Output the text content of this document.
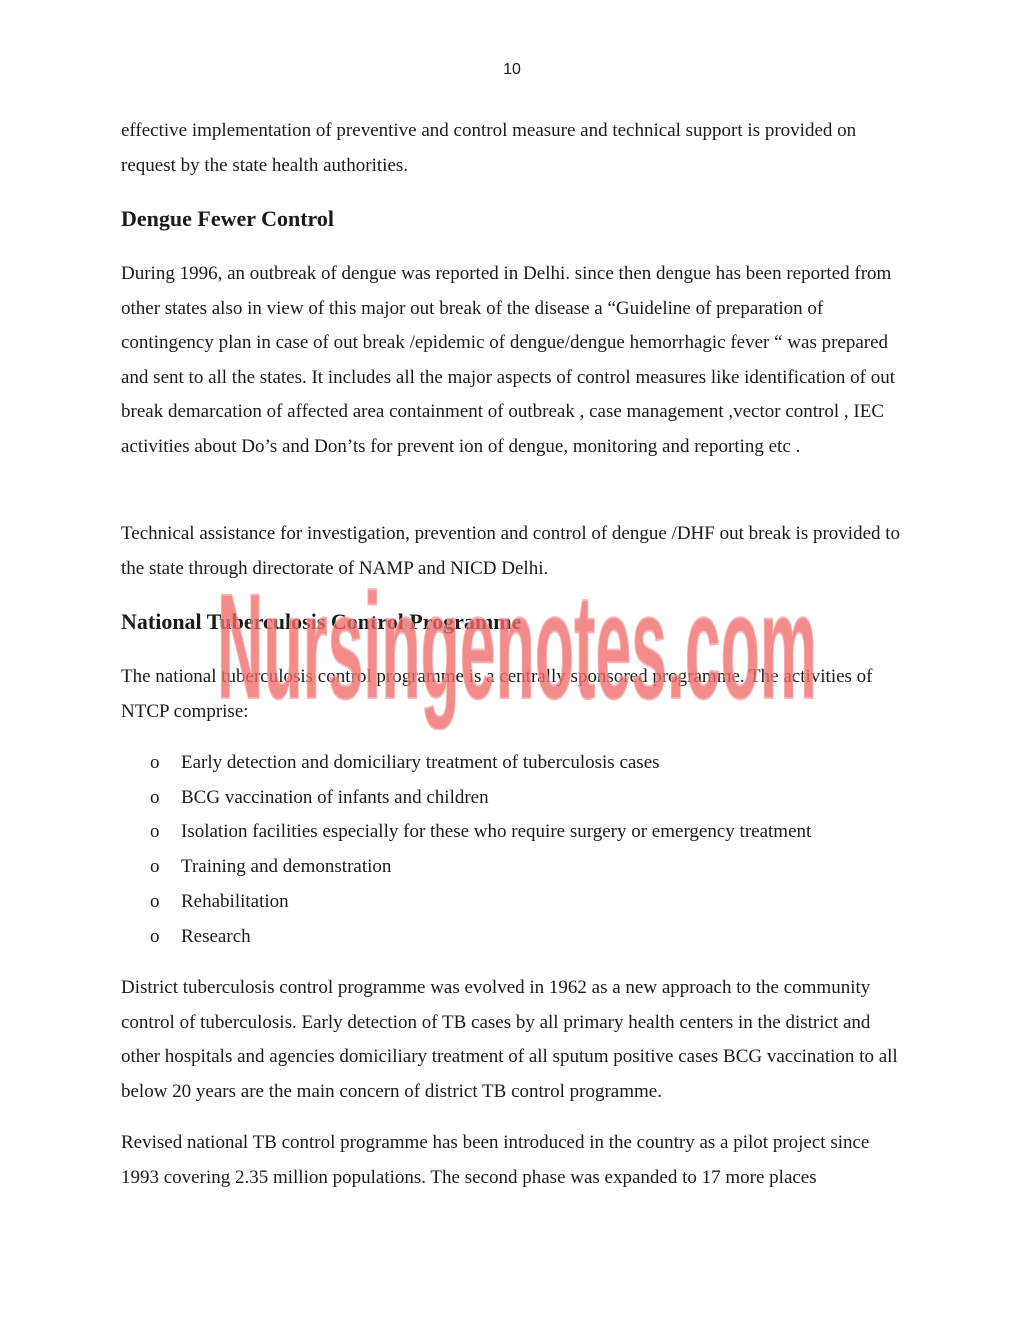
10

effective implementation of preventive and control measure and technical support is provided on request by the state health authorities.

Dengue Fewer Control

During 1996, an outbreak of dengue was reported in Delhi. since then dengue has been reported from other states also in view of this major out break of the disease a “Guideline of preparation of contingency plan in case of out break /epidemic of dengue/dengue hemorrhagic fever “ was prepared and sent to all the states. It includes all the major aspects of control measures like identification of out break demarcation of affected area containment of outbreak , case management ,vector control , IEC activities about Do’s and Don’ts for prevent ion of dengue, monitoring and reporting etc .

Technical assistance for investigation, prevention and control of dengue /DHF out break is provided to the state through directorate of NAMP and NICD Delhi.

National Tuberculosis Control Programme

The national tuberculosis control programme is a centrally sponsored programme. The activities of NTCP comprise:

o Early detection and domiciliary treatment of tuberculosis cases
o BCG vaccination of infants and children
o Isolation facilities especially for these who require surgery or emergency treatment
o Training and demonstration
o Rehabilitation
o Research

District tuberculosis control programme was evolved in 1962 as a new approach to the community control of tuberculosis. Early detection of TB cases by all primary health centers in the district and other hospitals and agencies domiciliary treatment of all sputum positive cases BCG vaccination to all below 20 years are the main concern of district TB control programme.

Revised national TB control programme has been introduced in the country as a pilot project since 1993 covering 2.35 million populations. The second phase was expanded to 17 more places

Nursingenotes.com
